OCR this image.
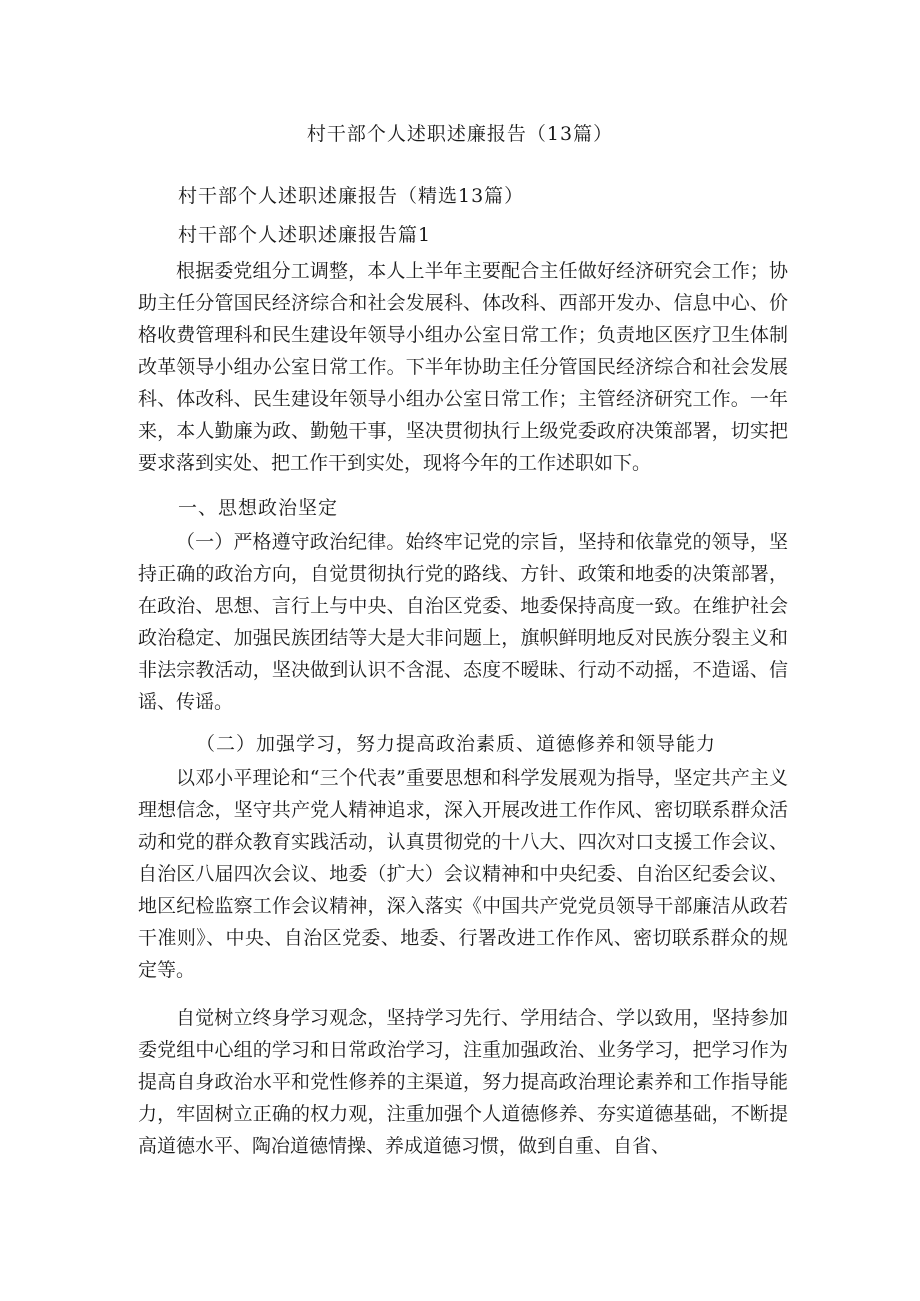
村干部个人述职述廉报告（13篇）
村干部个人述职述廉报告（精选13篇）
村干部个人述职述廉报告篇1
根据委党组分工调整，本人上半年主要配合主任做好经济研究会工作；协助主任分管国民经济综合和社会发展科、体改科、西部开发办、信息中心、价格收费管理科和民生建设年领导小组办公室日常工作；负责地区医疗卫生体制改革领导小组办公室日常工作。下半年协助主任分管国民经济综合和社会发展科、体改科、民生建设年领导小组办公室日常工作；主管经济研究工作。一年来，本人勤廉为政、勤勉干事，坚决贯彻执行上级党委政府决策部署，切实把要求落到实处、把工作干到实处，现将今年的工作述职如下。
一、思想政治坚定
（一）严格遵守政治纪律。始终牢记党的宗旨，坚持和依靠党的领导，坚持正确的政治方向，自觉贯彻执行党的路线、方针、政策和地委的决策部署，在政治、思想、言行上与中央、自治区党委、地委保持高度一致。在维护社会政治稳定、加强民族团结等大是大非问题上，旗帜鲜明地反对民族分裂主义和非法宗教活动，坚决做到认识不含混、态度不暧昧、行动不动摇，不造谣、信谣、传谣。
（二）加强学习，努力提高政治素质、道德修养和领导能力
以邓小平理论和“三个代表”重要思想和科学发展观为指导，坚定共产主义理想信念，坚守共产党人精神追求，深入开展改进工作作风、密切联系群众活动和党的群众教育实践活动，认真贯彻党的十八大、四次对口支援工作会议、自治区八届四次会议、地委（扩大）会议精神和中央纪委、自治区纪委会议、地区纪检监察工作会议精神，深入落实《中国共产党党员领导干部廉洁从政若干准则》、中央、自治区党委、地委、行署改进工作作风、密切联系群众的规定等。
自觉树立终身学习观念，坚持学习先行、学用结合、学以致用，坚持参加委党组中心组的学习和日常政治学习，注重加强政治、业务学习，把学习作为提高自身政治水平和党性修养的主渠道，努力提高政治理论素养和工作指导能力，牢固树立正确的权力观，注重加强个人道德修养、夯实道德基础，不断提高道德水平、陶冶道德情操、养成道德习惯，做到自重、自省、
